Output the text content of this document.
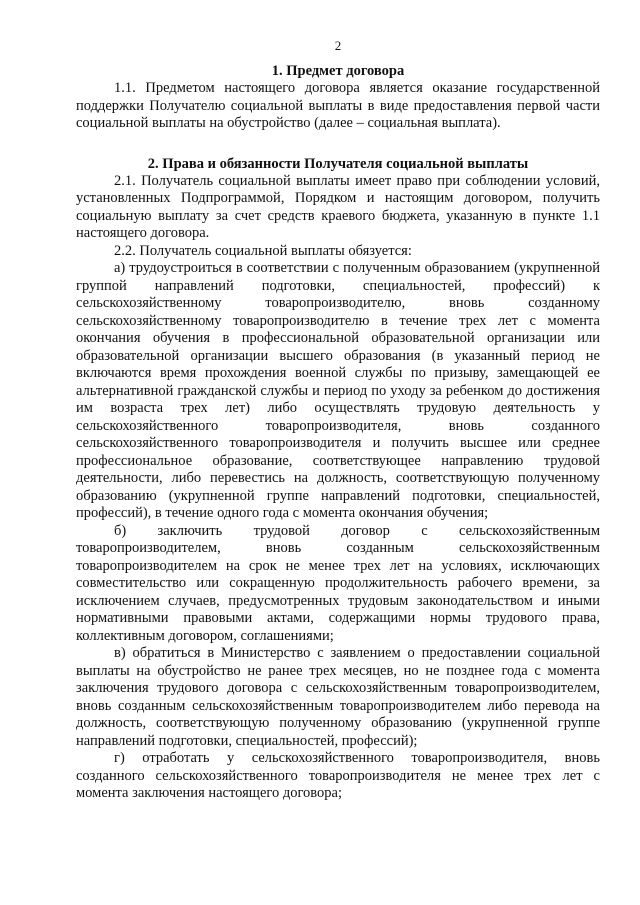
2
1. Предмет договора

1.1. Предметом настоящего договора является оказание государственной поддержки Получателю социальной выплаты в виде предоставления первой части социальной выплаты на обустройство (далее – социальная выплата).

2. Права и обязанности Получателя социальной выплаты

2.1. Получатель социальной выплаты имеет право при соблюдении условий, установленных Подпрограммой, Порядком и настоящим договором, получить социальную выплату за счет средств краевого бюджета, указанную в пункте 1.1 настоящего договора.

2.2. Получатель социальной выплаты обязуется:

а) трудоустроиться в соответствии с полученным образованием (укрупненной группой направлений подготовки, специальностей, профессий) к сельскохозяйственному товаропроизводителю, вновь созданному сельскохозяйственному товаропроизводителю в течение трех лет с момента окончания обучения в профессиональной образовательной организации или образовательной организации высшего образования (в указанный период не включаются время прохождения военной службы по призыву, замещающей ее альтернативной гражданской службы и период по уходу за ребенком до достижения им возраста трех лет) либо осуществлять трудовую деятельность у сельскохозяйственного товаропроизводителя, вновь созданного сельскохозяйственного товаропроизводителя и получить высшее или среднее профессиональное образование, соответствующее направлению трудовой деятельности, либо перевестись на должность, соответствующую полученному образованию (укрупненной группе направлений подготовки, специальностей, профессий), в течение одного года с момента окончания обучения;

б) заключить трудовой договор с сельскохозяйственным товаропроизводителем, вновь созданным сельскохозяйственным товаропроизводителем на срок не менее трех лет на условиях, исключающих совместительство или сокращенную продолжительность рабочего времени, за исключением случаев, предусмотренных трудовым законодательством и иными нормативными правовыми актами, содержащими нормы трудового права, коллективным договором, соглашениями;

в) обратиться в Министерство с заявлением о предоставлении социальной выплаты на обустройство не ранее трех месяцев, но не позднее года с момента заключения трудового договора с сельскохозяйственным товаропроизводителем, вновь созданным сельскохозяйственным товаропроизводителем либо перевода на должность, соответствующую полученному образованию (укрупненной группе направлений подготовки, специальностей, профессий);

г) отработать у сельскохозяйственного товаропроизводителя, вновь созданного сельскохозяйственного товаропроизводителя не менее трех лет с момента заключения настоящего договора;
